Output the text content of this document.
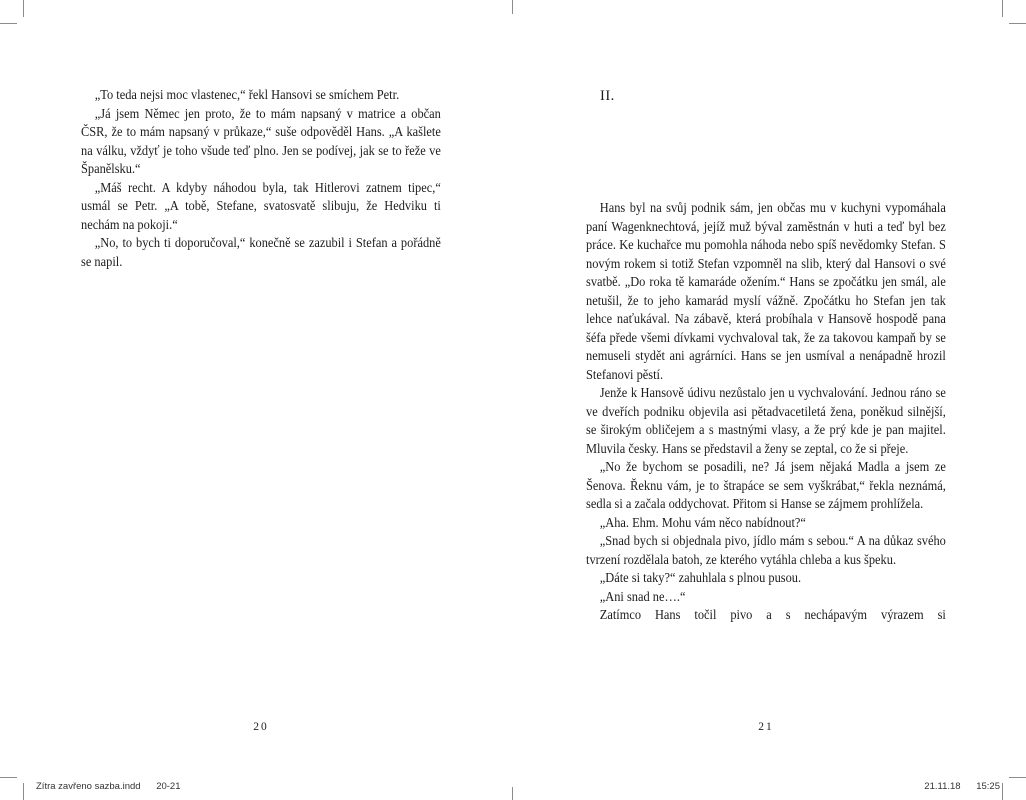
„To teda nejsi moc vlastenec,“ řekl Hansovi se smíchem Petr.

„Já jsem Němec jen proto, že to mám napsaný v matrice a občan ČSR, že to mám napsaný v průkaze,“ suše odpověděl Hans. „A kašlete na válku, vždyť je toho všude teď plno. Jen se podívej, jak se to řeže ve Španělsku.“

„Máš recht. A kdyby náhodou byla, tak Hitlerovi zatnem tipec,“ usmál se Petr. „A tobě, Stefane, svatosvatě slibuju, že Hedviku ti nechám na pokoji.“

„No, to bych ti doporučoval,“ konečně se zazubil i Stefan a pořádně se napil.

20
II.

Hans byl na svůj podnik sám, jen občas mu v kuchyni vypomáhala paní Wagenknechtová, jejíž muž býval zaměstnán v huti a teď byl bez práce. Ke kuchařce mu pomohla náhoda nebo spíš nevědomky Stefan. S novým rokem si totiž Stefan vzpomněl na slib, který dal Hansovi o své svatbě. „Do roka tě kamaráde ožením.“ Hans se zpočátku jen smál, ale netušil, že to jeho kamarád myslí vážně. Zpočátku ho Stefan jen tak lehce naťukával. Na zábavě, která probíhala v Hansově hospodě pana šéfa přede všemi dívkami vychvaloval tak, že za takovou kampaň by se nemuseli stydět ani agrárníci. Hans se jen usmíval a nenápadně hrozil Stefanovi pěstí.

Jenže k Hansově údivu nezůstalo jen u vychvalování. Jednou ráno se ve dveřích podniku objevila asi pětadvacetiletá žena, poněkud silnější, se širokým obličejem a s mastnými vlasy, a že prý kde je pan majitel. Mluvila česky. Hans se představil a ženy se zeptal, co že si přeje.

„No že bychom se posadili, ne? Já jsem nějaká Madla a jsem ze Šenova. Řeknu vám, je to štrapáce se sem vyškrábat,“ řekla neznámá, sedla si a začala oddychovat. Přitom si Hanse se zájmem prohlížela.

„Aha. Ehm. Mohu vám něco nabídnout?“

„Snad bych si objednala pivo, jídlo mám s sebou.“ A na důkaz svého tvrzení rozdělala batoh, ze kterého vytáhla chleba a kus špeku.

„Dáte si taky?“ zahuhlala s plnou pusou.

„Ani snad ne….“

Zatímco Hans točil pivo a s nechápavým výrazem si

21
Zítra zavřeno sazba.indd 20-21	21.11.18 15:25
